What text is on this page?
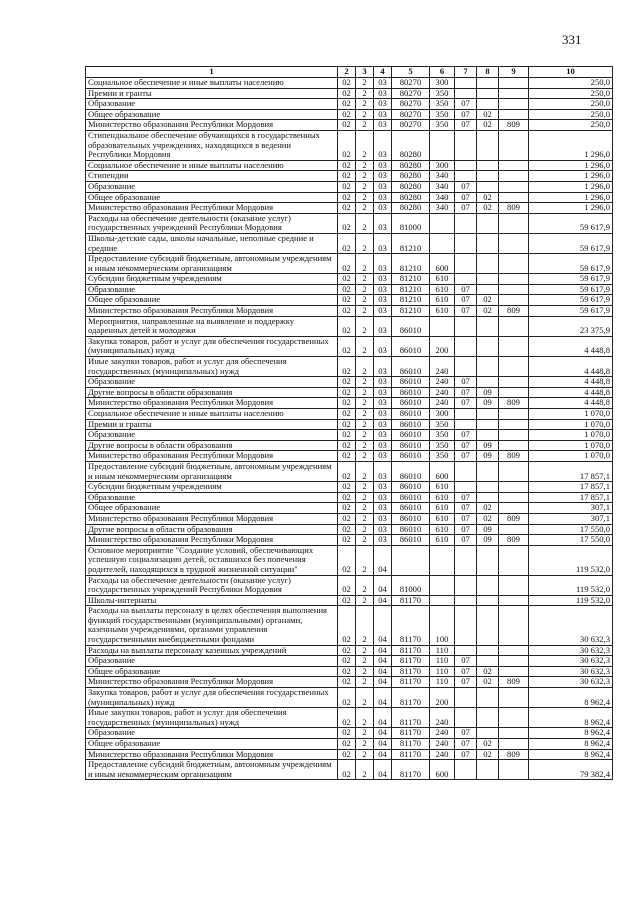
331
1	2	3	4	5	6	7	8	9	10
Социальное обеспечение и иные выплаты населению	02	2	03	80270	300				250,0
Премии и гранты	02	2	03	80270	350				250,0
Образование	02	2	03	80270	350	07			250,0
Общее образование	02	2	03	80270	350	07	02		250,0
Министерство образования Республики Мордовия	02	2	03	80270	350	07	02	809	250,0
Стипендиальное обеспечение обучающихся в государственных образовательных учреждениях, находящихся в ведении Республики Мордовия	02	2	03	80280					1 296,0
Социальное обеспечение и иные выплаты населению	02	2	03	80280	300				1 296,0
Стипендии	02	2	03	80280	340				1 296,0
Образование	02	2	03	80280	340	07			1 296,0
Общее образование	02	2	03	80280	340	07	02		1 296,0
Министерство образования Республики Мордовия	02	2	03	80280	340	07	02	809	1 296,0
Расходы на обеспечение деятельности (оказание услуг) государственных учреждений Республики Мордовия	02	2	03	81000					59 617,9
Школы-детские сады, школы начальные, неполные средние и средние	02	2	03	81210					59 617,9
Предоставление субсидий бюджетным, автономным учреждениям и иным некоммерческим организациям	02	2	03	81210	600				59 617,9
Субсидии бюджетным учреждениям	02	2	03	81210	610				59 617,9
Образование	02	2	03	81210	610	07			59 617,9
Общее образование	02	2	03	81210	610	07	02		59 617,9
Министерство образования Республики Мордовия	02	2	03	81210	610	07	02	809	59 617,9
Мероприятия, направленные на выявление и поддержку одаренных детей и молодежи	02	2	03	86010					23 375,9
Закупка товаров, работ и услуг для обеспечения государственных (муниципальных) нужд	02	2	03	86010	200				4 448,8
Иные закупки товаров, работ и услуг для обеспечения государственных (муниципальных) нужд	02	2	03	86010	240				4 448,8
Образование	02	2	03	86010	240	07			4 448,8
Другие вопросы в области образования	02	2	03	86010	240	07	09		4 448,8
Министерство образования Республики Мордовия	02	2	03	86010	240	07	09	809	4 448,8
Социальное обеспечение и иные выплаты населению	02	2	03	86010	300				1 070,0
Премии и гранты	02	2	03	86010	350				1 070,0
Образование	02	2	03	86010	350	07			1 070,0
Другие вопросы в области образования	02	2	03	86010	350	07	09		1 070,0
Министерство образования Республики Мордовия	02	2	03	86010	350	07	09	809	1 070,0
Предоставление субсидий бюджетным, автономным учреждениям и иным некоммерческим организациям	02	2	03	86010	600				17 857,1
Субсидии бюджетным учреждениям	02	2	03	86010	610				17 857,1
Образование	02	2	03	86010	610	07			17 857,1
Общее образование	02	2	03	86010	610	07	02		307,1
Министерство образования Республики Мордовия	02	2	03	86010	610	07	02	809	307,1
Другие вопросы в области образования	02	2	03	86010	610	07	09		17 550,0
Министерство образования Республики Мордовия	02	2	03	86010	610	07	09	809	17 550,0
Основное мероприятие "Создание условий, обеспечивающих успешную социализацию детей, оставшихся без попечения родителей, находящихся в трудной жизненной ситуации"	02	2	04						119 532,0
Расходы на обеспечение деятельности (оказание услуг) государственных учреждений Республики Мордовия	02	2	04	81000					119 532,0
Школы-интернаты	02	2	04	81170					119 532,0
Расходы на выплаты персоналу в целях обеспечения выполнения функций государственными (муниципальными) органами, казенными учреждениями, органами управления государственными внебюджетными фондами	02	2	04	81170	100				30 632,3
Расходы на выплаты персоналу казенных учреждений	02	2	04	81170	110				30 632,3
Образование	02	2	04	81170	110	07			30 632,3
Общее образование	02	2	04	81170	110	07	02		30 632,3
Министерство образования Республики Мордовия	02	2	04	81170	110	07	02	809	30 632,3
Закупка товаров, работ и услуг для обеспечения государственных (муниципальных) нужд	02	2	04	81170	200				8 962,4
Иные закупки товаров, работ и услуг для обеспечения государственных (муниципальных) нужд	02	2	04	81170	240				8 962,4
Образование	02	2	04	81170	240	07			8 962,4
Общее образование	02	2	04	81170	240	07	02		8 962,4
Министерство образования Республики Мордовия	02	2	04	81170	240	07	02	809	8 962,4
Предоставление субсидий бюджетным, автономным учреждениям и иным некоммерческим организациям	02	2	04	81170	600				79 382,4
